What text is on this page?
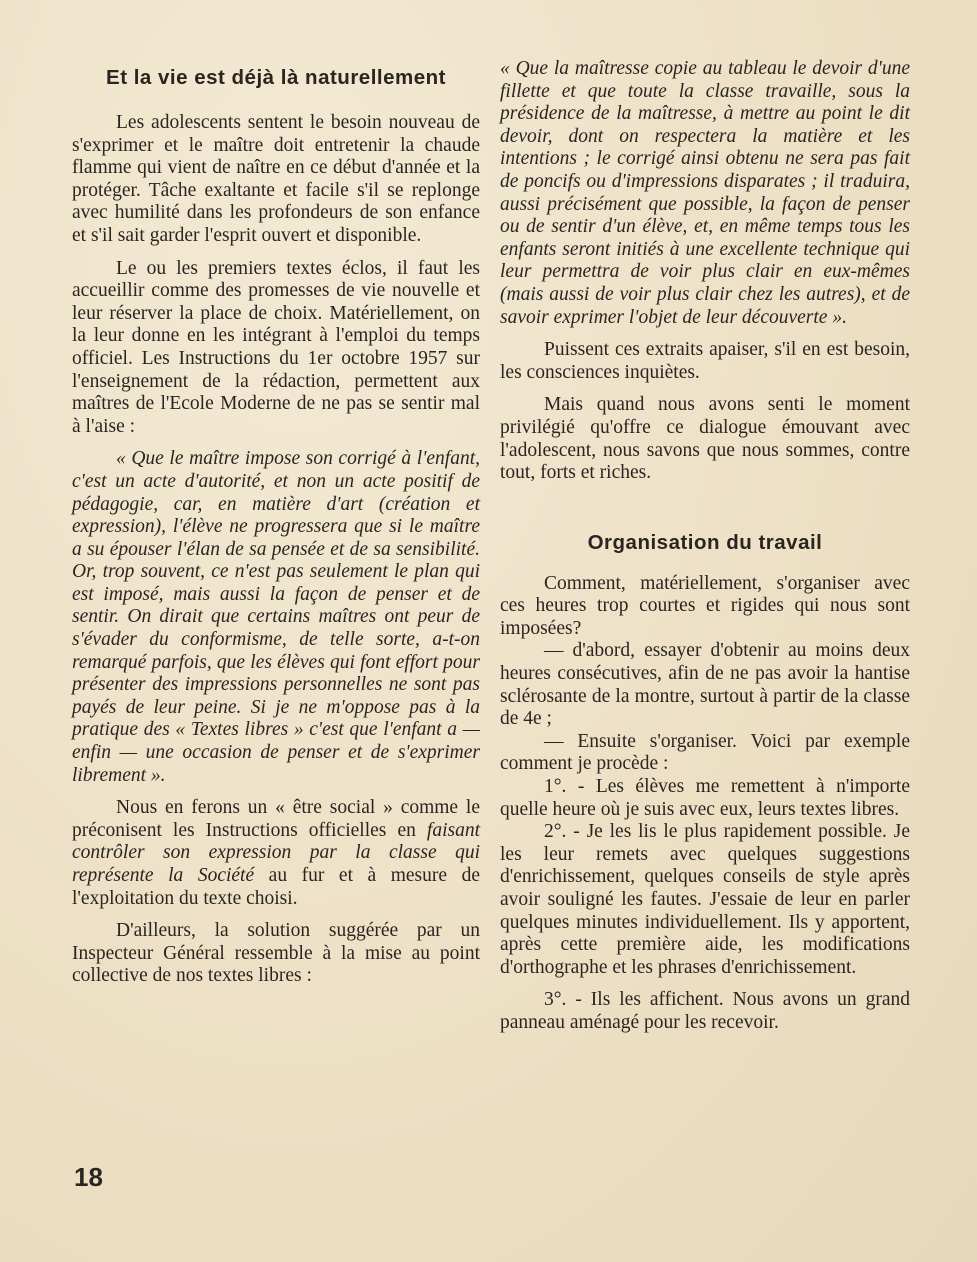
Et la vie est déjà là naturellement

Les adolescents sentent le besoin nouveau de s'exprimer et le maître doit entretenir la chaude flamme qui vient de naître en ce début d'année et la protéger. Tâche exaltante et facile s'il se replonge avec humilité dans les profondeurs de son enfance et s'il sait garder l'esprit ouvert et disponible.

Le ou les premiers textes éclos, il faut les accueillir comme des promesses de vie nouvelle et leur réserver la place de choix. Matériellement, on la leur donne en les intégrant à l'emploi du temps officiel. Les Instructions du 1er octobre 1957 sur l'enseignement de la rédaction, permettent aux maîtres de l'Ecole Moderne de ne pas se sentir mal à l'aise :

« Que le maître impose son corrigé à l'enfant, c'est un acte d'autorité, et non un acte positif de pédagogie, car, en matière d'art (création et expression), l'élève ne progressera que si le maître a su épouser l'élan de sa pensée et de sa sensibilité. Or, trop souvent, ce n'est pas seulement le plan qui est imposé, mais aussi la façon de penser et de sentir. On dirait que certains maîtres ont peur de s'évader du conformisme, de telle sorte, a-t-on remarqué parfois, que les élèves qui font effort pour présenter des impressions personnelles ne sont pas payés de leur peine. Si je ne m'oppose pas à la pratique des « Textes libres » c'est que l'enfant a — enfin — une occasion de penser et de s'exprimer librement ».

Nous en ferons un « être social » comme le préconisent les Instructions officielles en faisant contrôler son expression par la classe qui représente la Société au fur et à mesure de l'exploitation du texte choisi.

D'ailleurs, la solution suggérée par un Inspecteur Général ressemble à la mise au point collective de nos textes libres :

« Que la maîtresse copie au tableau le devoir d'une fillette et que toute la classe travaille, sous la présidence de la maîtresse, à mettre au point le dit devoir, dont on respectera la matière et les intentions ; le corrigé ainsi obtenu ne sera pas fait de poncifs ou d'impressions disparates ; il traduira, aussi précisément que possible, la façon de penser ou de sentir d'un élève, et, en même temps tous les enfants seront initiés à une excellente technique qui leur permettra de voir plus clair en eux-mêmes (mais aussi de voir plus clair chez les autres), et de savoir exprimer l'objet de leur découverte ».

Puissent ces extraits apaiser, s'il en est besoin, les consciences inquiètes.

Mais quand nous avons senti le moment privilégié qu'offre ce dialogue émouvant avec l'adolescent, nous savons que nous sommes, contre tout, forts et riches.

Organisation du travail

Comment, matériellement, s'organiser avec ces heures trop courtes et rigides qui nous sont imposées?

— d'abord, essayer d'obtenir au moins deux heures consécutives, afin de ne pas avoir la hantise sclérosante de la montre, surtout à partir de la classe de 4e ;

— Ensuite s'organiser. Voici par exemple comment je procède :

1°. - Les élèves me remettent à n'importe quelle heure où je suis avec eux, leurs textes libres.

2°. - Je les lis le plus rapidement possible. Je les leur remets avec quelques suggestions d'enrichissement, quelques conseils de style après avoir souligné les fautes. J'essaie de leur en parler quelques minutes individuellement. Ils y apportent, après cette première aide, les modifications d'orthographe et les phrases d'enrichissement.

3°. - Ils les affichent. Nous avons un grand panneau aménagé pour les recevoir.

18
